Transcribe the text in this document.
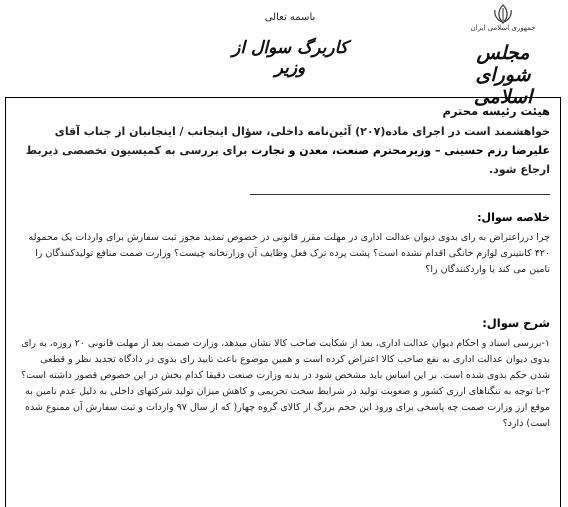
باسمه تعالی
کاربرگ سوال از وزیر
جمهوری اسلامی ایران
مجلس شورای اسلامی
هیئت رئیسه محترم
خواهشمند است در اجرای ماده(۲۰۷) آئین‌نامه داخلی، سؤال اینجانب / اینجانبان از جناب آقای
علیرضا رزم حسینی – وزیرمحترم صنعت، معدن و تجارت برای بررسی به کمیسیون تخصصی ذیربط ارجاع شود.
خلاصه سوال:
چرا درراعتراض به رای بدوی دیوان عدالت اداری در مهلت مقرر قانونی در خصوص تمدید مجوز ثبت سفارش برای واردات یک محموله ۴۲۰ کانتینری لوازم خانگی اقدام نشده است؟ پشت پرده ترک فعل وظایف آن وزارتخانه چیست؟ وزارت صمت منافع تولیدکنندگان را تامین می کند یا واردکنندگان را؟
شرح سوال:
۱-بررسی اسناد و احکام دیوان عدالت اداری، بعد از شکایت صاحب کالا نشان میدهد، وزارت صمت بعد از مهلت قانونی ۲۰ روزه، به رای بدوی دیوان عدالت اداری به نفع صاحب کالا اعتراض کرده است و همین موضوع باعث تایید رای بدوی در دادگاه تجدید نظر و قطعی شدن حکم بدوی شده است. بر این اساس باید مشخص شود در بدنه وزارت صنعت دقیقا کدام بخش در این خصوص قصور داشته است؟ ۲-با توجه به تنگناهای ارزی کشور و صعوبت تولید در شرایط سخت تحریمی و کاهش میزان تولید شرکتهای داخلی به دلیل عدم تامین به موقع ارز وزارت صمت چه پاسخی برای ورود این حجم بزرگ از کالای گروه چهار( که از سال ۹۷ واردات و ثبت سفارش آن ممنوع شده است) دارد؟
